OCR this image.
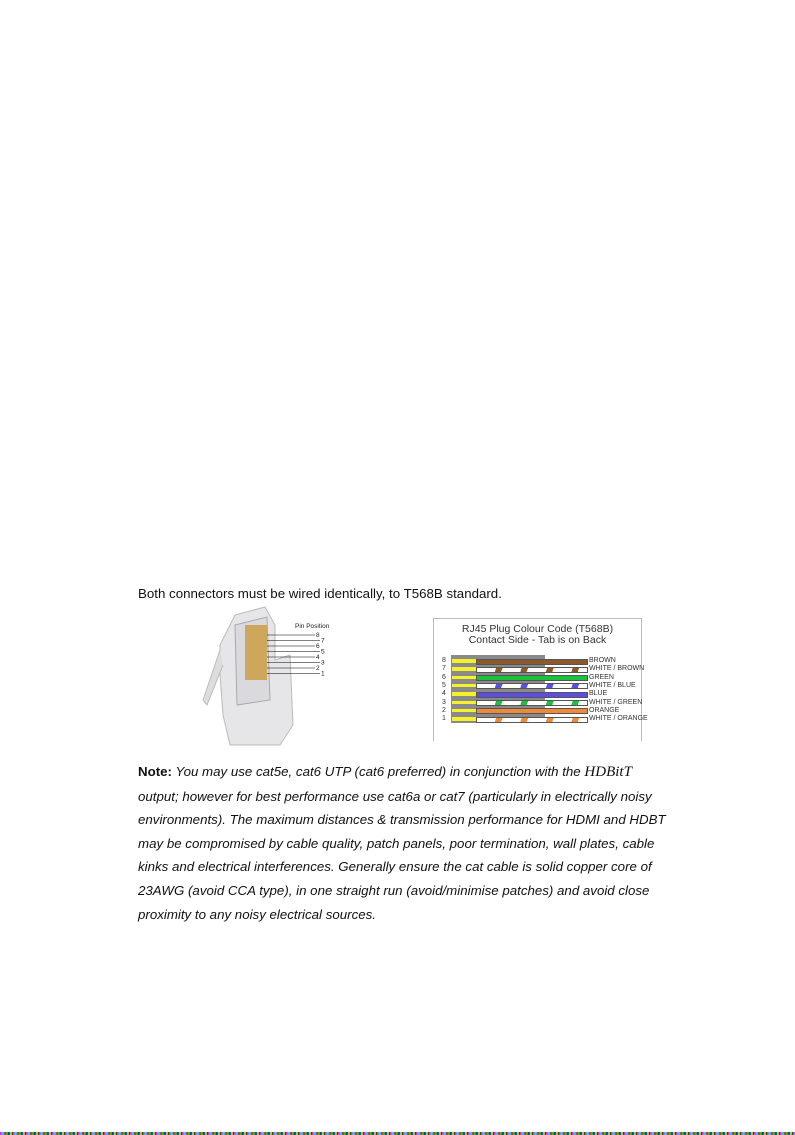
Both connectors must be wired identically, to T568B standard.
Pin Position
8
7
6
5
4
3
2
1
RJ45 Plug Colour Code (T568B)
Contact Side - Tab is on Back
8	BROWN
7	WHITE / BROWN
6	GREEN
5	WHITE / BLUE
4	BLUE
3	WHITE / GREEN
2	ORANGE
1	WHITE / ORANGE
Note: You may use cat5e, cat6 UTP (cat6 preferred) in conjunction with the HDBitT output; however for best performance use cat6a or cat7 (particularly in electrically noisy environments). The maximum distances & transmission performance for HDMI and HDBT may be compromised by cable quality, patch panels, poor termination, wall plates, cable kinks and electrical interferences. Generally ensure the cat cable is solid copper core of 23AWG (avoid CCA type), in one straight run (avoid/minimise patches) and avoid close proximity to any noisy electrical sources.
